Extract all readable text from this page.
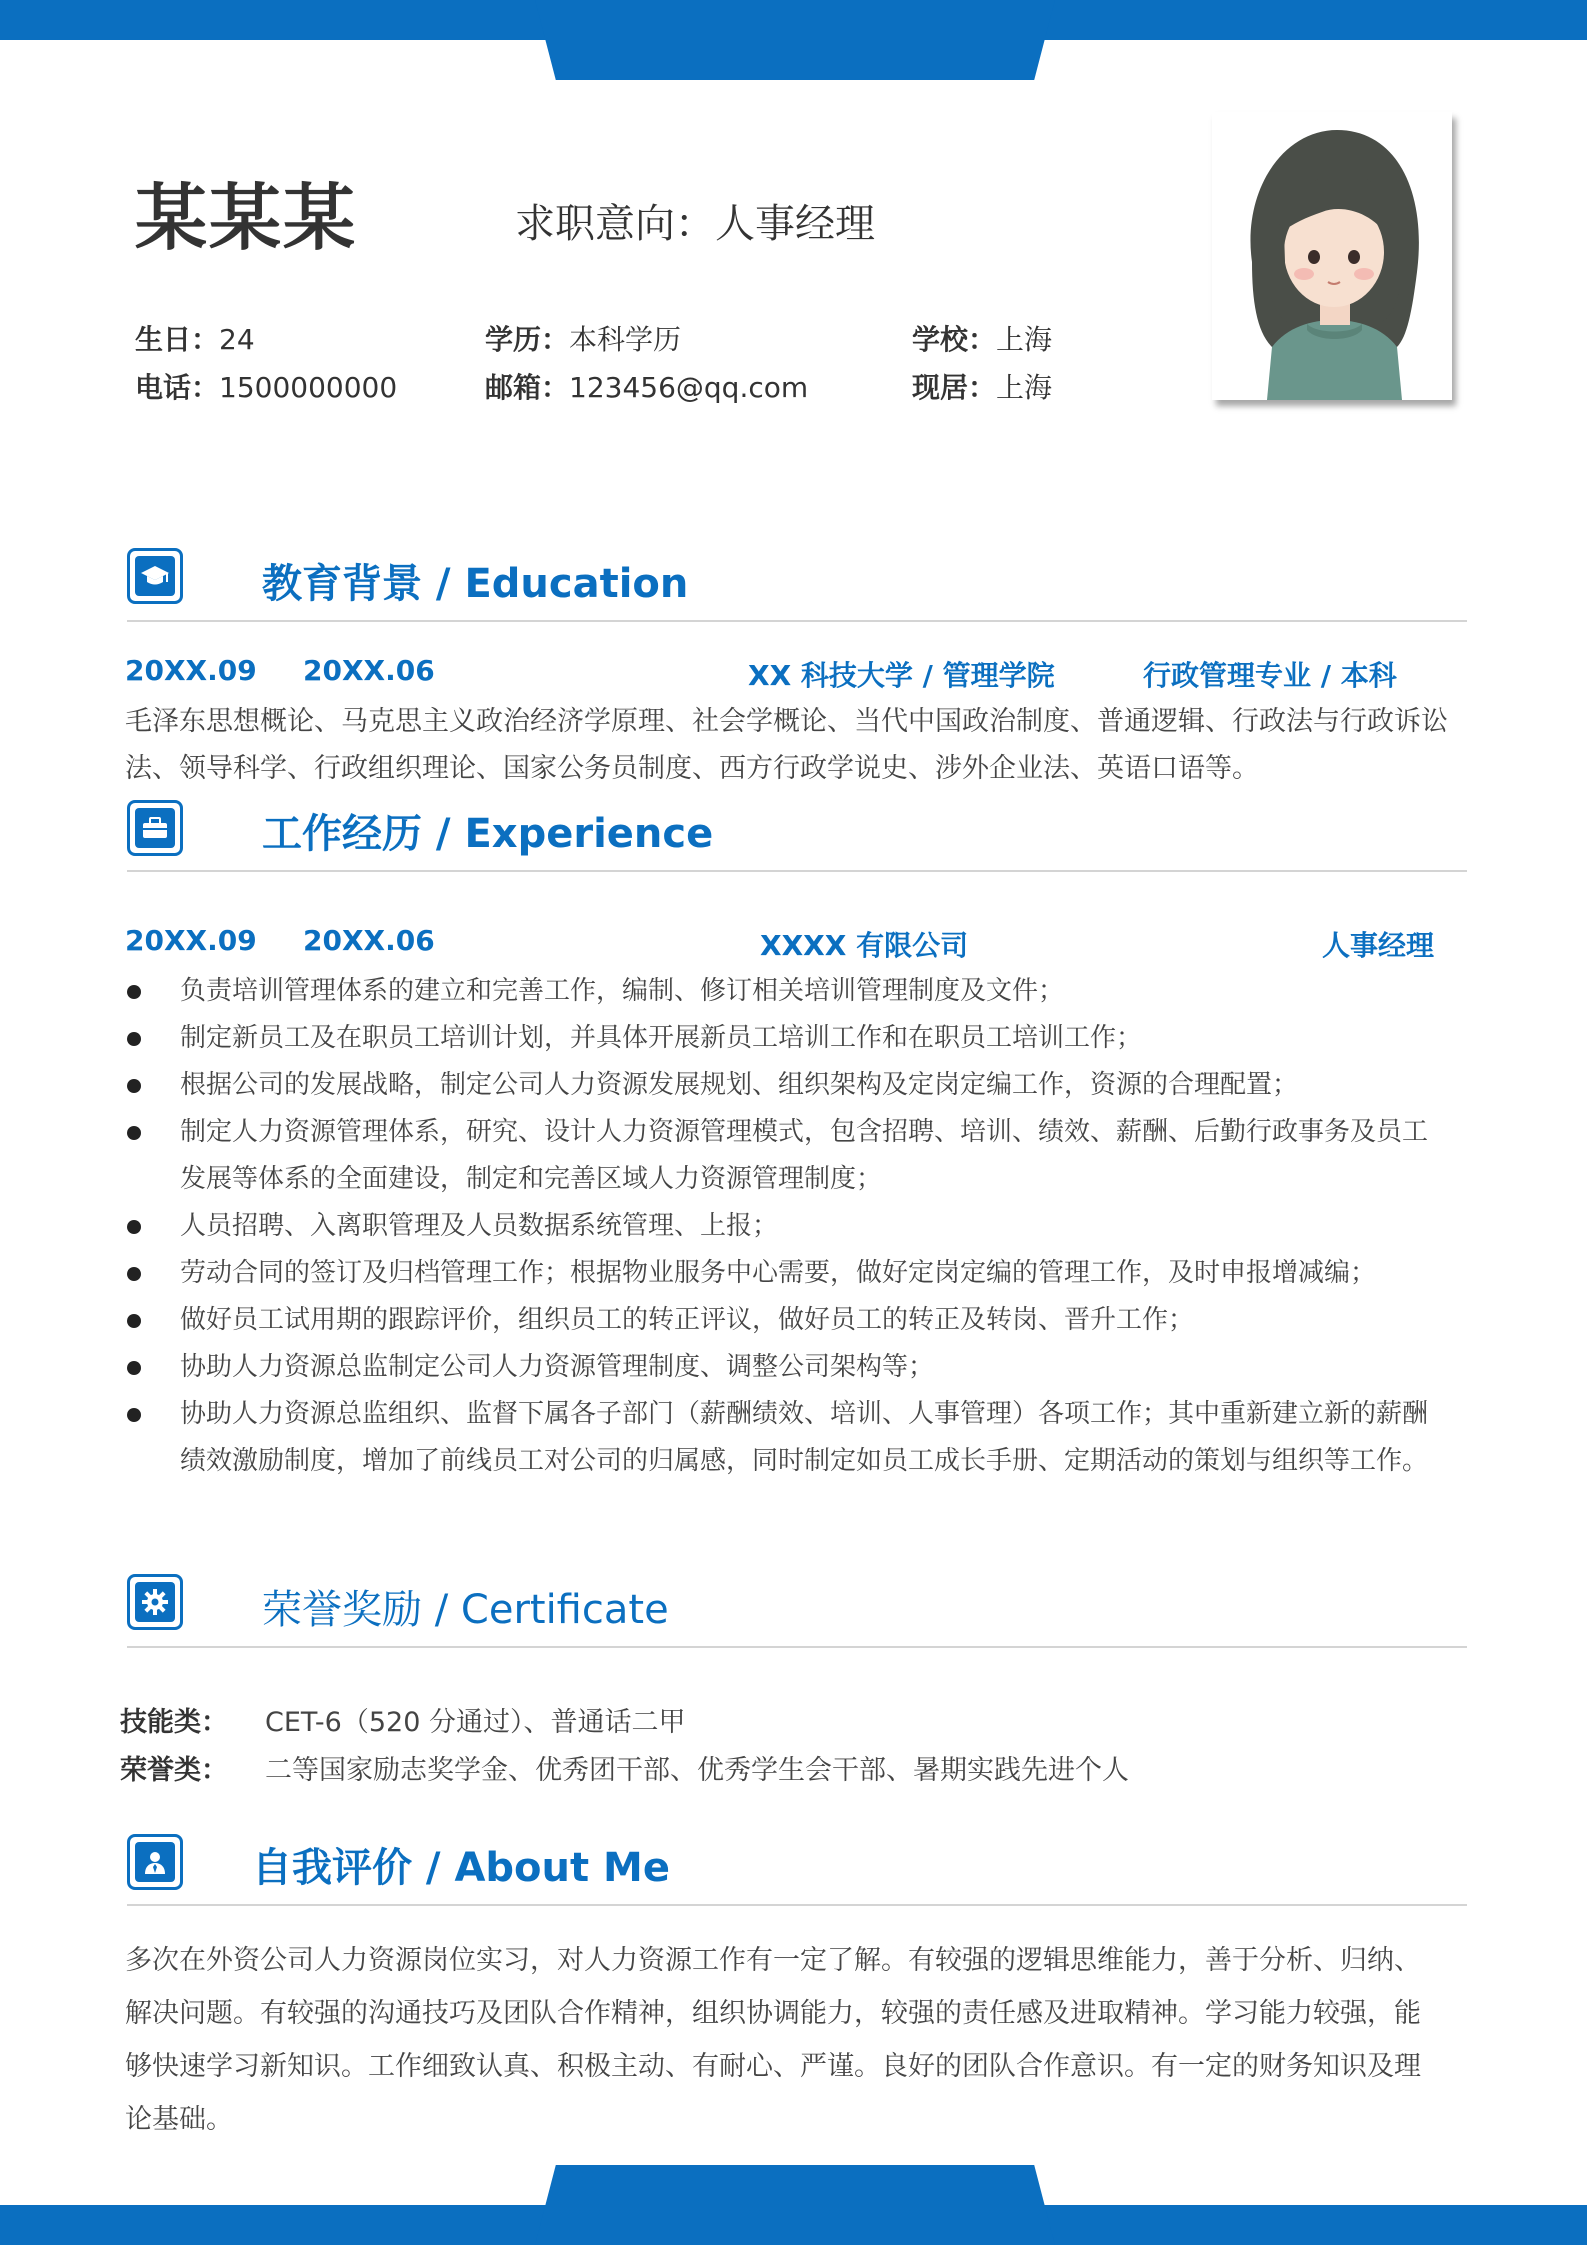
某某某	求职意向：人事经理
生日：24	学历：本科学历	学校：上海
电话：1500000000	邮箱：123456@qq.com	现居：上海
教育背景 / Education
20XX.09 20XX.06	XX 科技大学 / 管理学院	行政管理专业 / 本科
毛泽东思想概论、马克思主义政治经济学原理、社会学概论、当代中国政治制度、普通逻辑、行政法与行政诉讼法、领导科学、行政组织理论、国家公务员制度、西方行政学说史、涉外企业法、英语口语等。
工作经历 / Experience
20XX.09 20XX.06	XXXX 有限公司	人事经理
负责培训管理体系的建立和完善工作，编制、修订相关培训管理制度及文件；
制定新员工及在职员工培训计划，并具体开展新员工培训工作和在职员工培训工作；
根据公司的发展战略，制定公司人力资源发展规划、组织架构及定岗定编工作，资源的合理配置；
制定人力资源管理体系，研究、设计人力资源管理模式，包含招聘、培训、绩效、薪酬、后勤行政事务及员工发展等体系的全面建设，制定和完善区域人力资源管理制度；
人员招聘、入离职管理及人员数据系统管理、上报；
劳动合同的签订及归档管理工作；根据物业服务中心需要，做好定岗定编的管理工作，及时申报增减编；
做好员工试用期的跟踪评价，组织员工的转正评议，做好员工的转正及转岗、晋升工作；
协助人力资源总监制定公司人力资源管理制度、调整公司架构等；
协助人力资源总监组织、监督下属各子部门（薪酬绩效、培训、人事管理）各项工作；其中重新建立新的薪酬绩效激励制度，增加了前线员工对公司的归属感，同时制定如员工成长手册、定期活动的策划与组织等工作。
荣誉奖励 / Certificate
技能类： CET-6（520 分通过）、普通话二甲
荣誉类： 二等国家励志奖学金、优秀团干部、优秀学生会干部、暑期实践先进个人
自我评价 / About Me
多次在外资公司人力资源岗位实习，对人力资源工作有一定了解。有较强的逻辑思维能力，善于分析、归纳、解决问题。有较强的沟通技巧及团队合作精神，组织协调能力，较强的责任感及进取精神。学习能力较强，能够快速学习新知识。工作细致认真、积极主动、有耐心、严谨。良好的团队合作意识。有一定的财务知识及理论基础。
